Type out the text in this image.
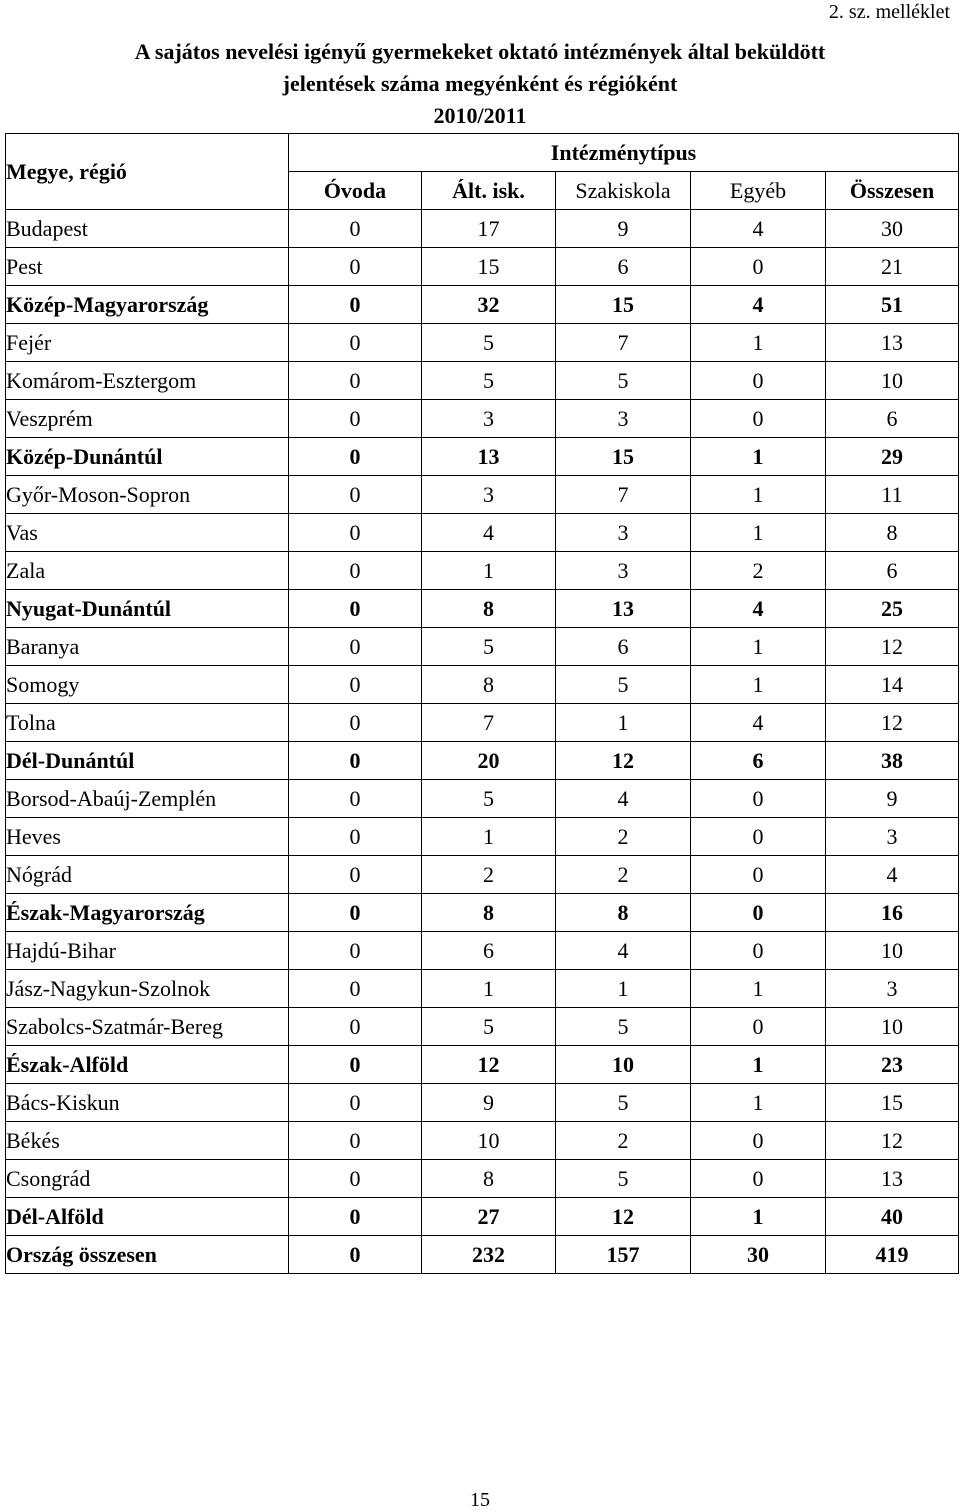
2. sz. melléklet
A sajátos nevelési igényű gyermekeket oktató intézmények által beküldött
jelentések száma megyénként és régióként
2010/2011
Megye, régió	Intézménytípus				
	Óvoda	Ált. isk.	Szakiskola	Egyéb	Összesen
Budapest	0	17	9	4	30
Pest	0	15	6	0	21
Közép-Magyarország	0	32	15	4	51
Fejér	0	5	7	1	13
Komárom-Esztergom	0	5	5	0	10
Veszprém	0	3	3	0	6
Közép-Dunántúl	0	13	15	1	29
Győr-Moson-Sopron	0	3	7	1	11
Vas	0	4	3	1	8
Zala	0	1	3	2	6
Nyugat-Dunántúl	0	8	13	4	25
Baranya	0	5	6	1	12
Somogy	0	8	5	1	14
Tolna	0	7	1	4	12
Dél-Dunántúl	0	20	12	6	38
Borsod-Abaúj-Zemplén	0	5	4	0	9
Heves	0	1	2	0	3
Nógrád	0	2	2	0	4
Észak-Magyarország	0	8	8	0	16
Hajdú-Bihar	0	6	4	0	10
Jász-Nagykun-Szolnok	0	1	1	1	3
Szabolcs-Szatmár-Bereg	0	5	5	0	10
Észak-Alföld	0	12	10	1	23
Bács-Kiskun	0	9	5	1	15
Békés	0	10	2	0	12
Csongrád	0	8	5	0	13
Dél-Alföld	0	27	12	1	40
Ország összesen	0	232	157	30	419
15
